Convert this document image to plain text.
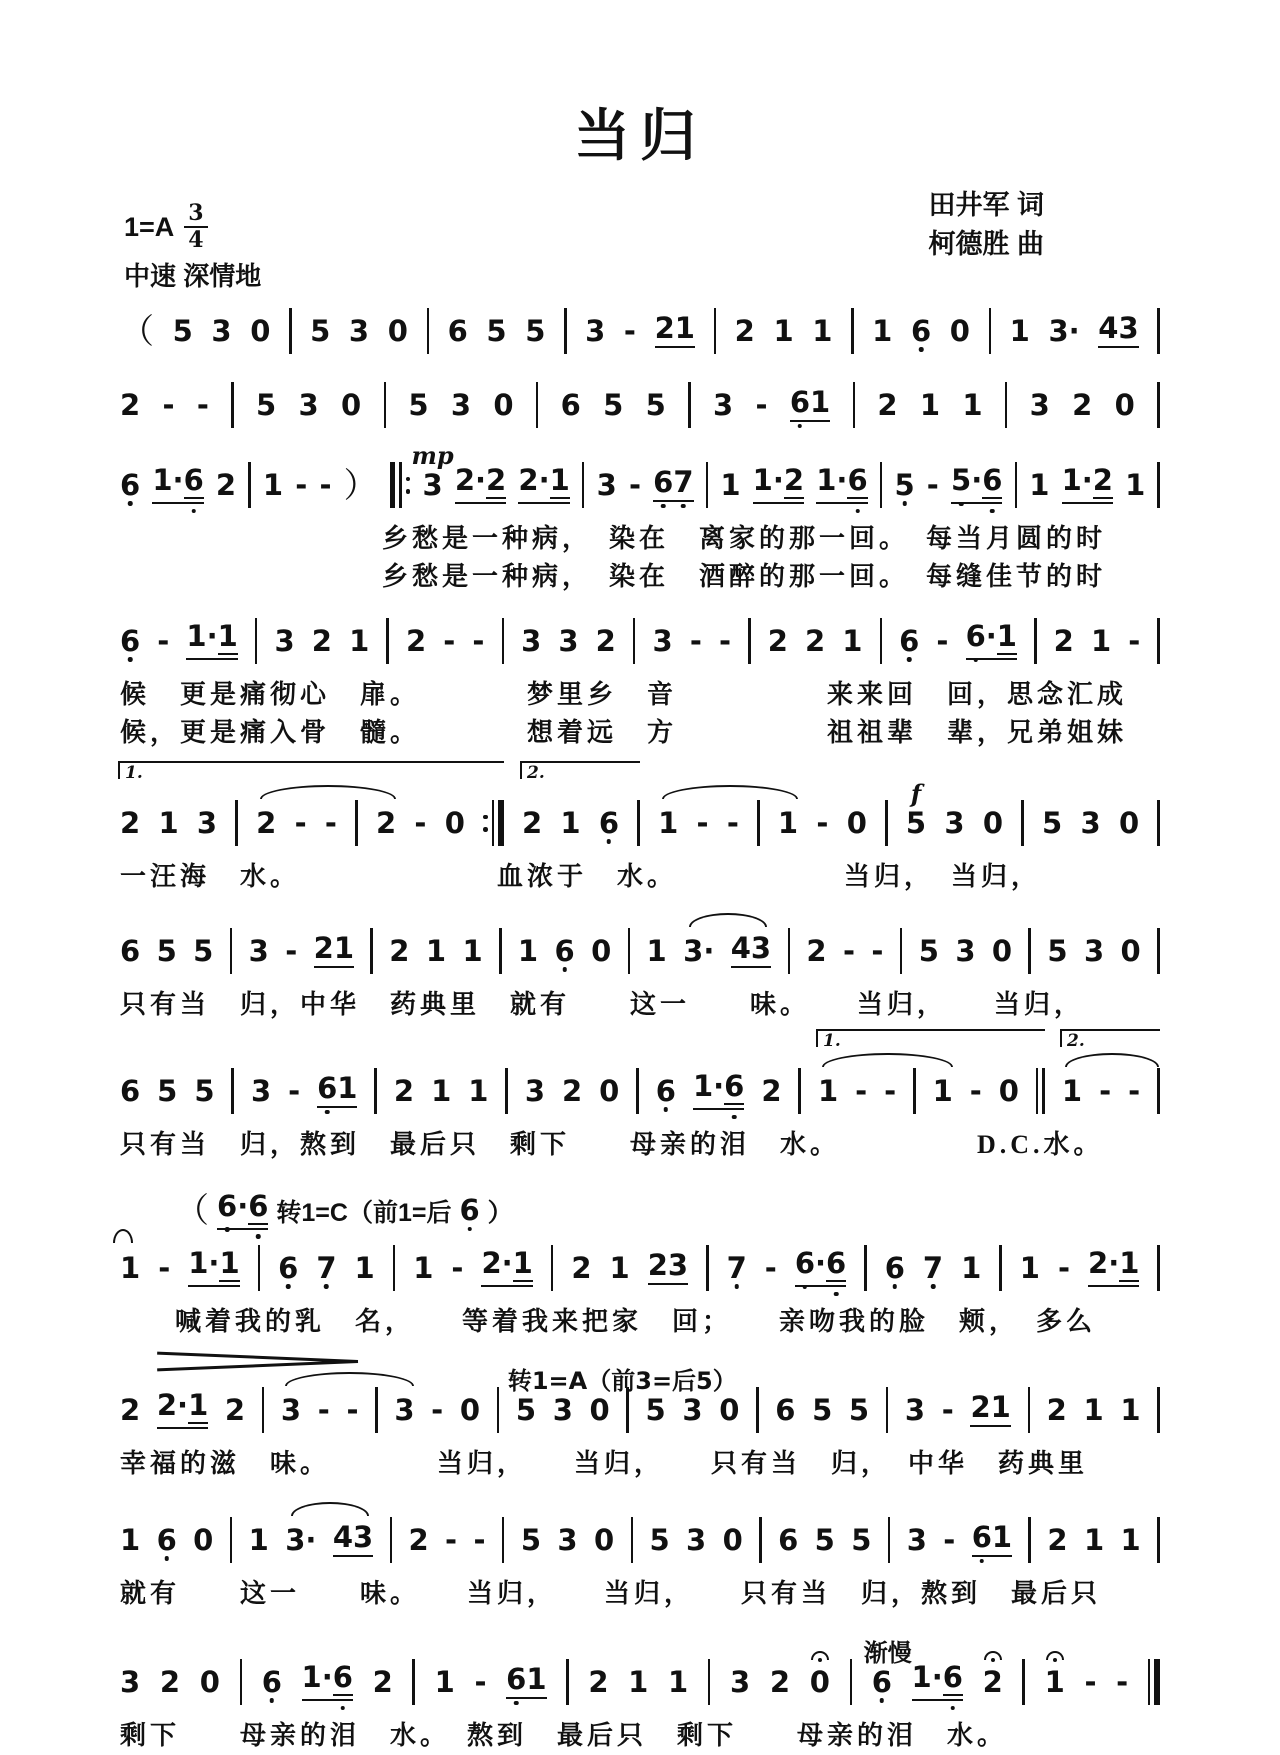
当归
田井军 词
柯德胜 曲
$1=A \frac{3}{4}$
中速 深情地
（ 5 3 0 5 3 0 6 5 5 3 - 21 2 1 1 1 6 0 1 3· 43
2 - - 5 3 0 5 3 0 6 5 5 3 - 6
1 2 1 1 3 2 0
6 1·6 2 1 - - ） 3
mp
2·2 2·1 3 - 6
7 1 1·2 1·6 5 - 5
·6 1 1·2 1
乡愁是一种病，　染在　离家的那一回。　每当月圆的时
乡愁是一种病，　染在　酒醉的那一回。　每缝佳节的时
6 - 1·1 3 2 1 2 - - 3 3 2 3 - - 2 2 1 6 - 6
·1 2 1 -
候　更是痛彻心　扉。　　　　梦里乡　音　　　　　来来回　回，思念汇成
候，更是痛入骨　髓。　　　　想着远　方　　　　　祖祖辈　辈，兄弟姐妹
2 1 3 2 - - 2 - 0 2 1 6 1 - - 1 - 0 5
f
3 0 5 3 0
一汪海　水。　　　　　　　血浓于　水。　　　　　　当归，　当归，
1.	2.
6 5 5 3 - 21 2 1 1 1 6 0 1 3· 43 2 - - 5 3 0 5 3 0
只有当　归，中华　药典里　就有　　这一　　味。　　当归，　　当归，
6 5 5 3 - 6
1 2 1 1 3 2 0 6 1·6 2 1 - - 1 - 0 1 - -
只有当　归，熬到　最后只　剩下　　母亲的泪　水。　　　　　D.C.水。
1.	2.
（ 6
·6 转1=C（前1=后 6 ）
1 - 1·1 6 7 1 1 - 2·1 2 1 23 7 - 6
·6 6 7 1 1 - 2·1
喊着我的乳　名，　　等着我来把家　回；　　亲吻我的脸　颊，　多么
2 2·1 2 3 - - 3 - 0 5
转1=A（前3=后5）
3 0 5 3 0 6 5 5 3 - 21 2 1 1
幸福的滋　味。　　　　当归，　　当归，　　只有当　归，　中华　药典里
1 6 0 1 3· 43 2 - - 5 3 0 5 3 0 6 5 5 3 - 6
1 2 1 1
就有　　这一　　味。　　当归，　　当归，　　只有当　归，熬到　最后只
3 2 0 6 1·6 2 1 - 6
1 2 1 1 3 2 0 6
渐慢
1·6 2 1 - -
剩下　　母亲的泪　水。　熬到　最后只　剩下　　母亲的泪　水。
